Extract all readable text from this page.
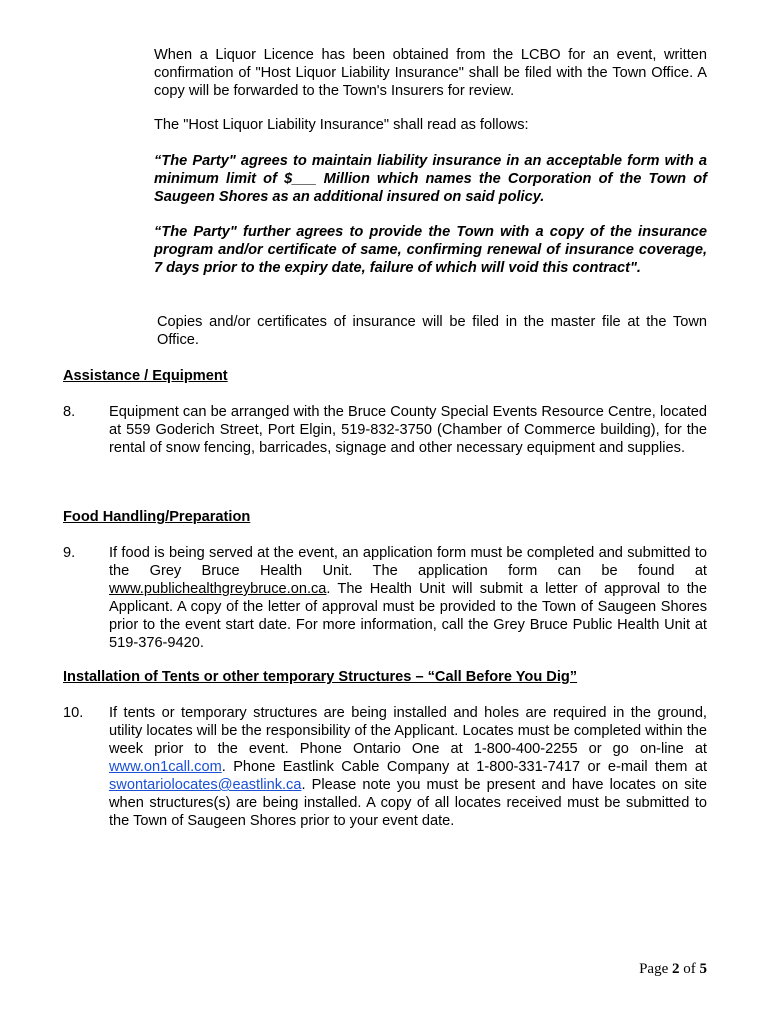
When a Liquor Licence has been obtained from the LCBO for an event, written confirmation of "Host Liquor Liability Insurance" shall be filed with the Town Office. A copy will be forwarded to the Town's Insurers for review.

The "Host Liquor Liability Insurance" shall read as follows:

“The Party" agrees to maintain liability insurance in an acceptable form with a minimum limit of $___ Million which names the Corporation of the Town of Saugeen Shores as an additional insured on said policy.

“The Party" further agrees to provide the Town with a copy of the insurance program and/or certificate of same, confirming renewal of insurance coverage, 7 days prior to the expiry date, failure of which will void this contract".

Copies and/or certificates of insurance will be filed in the master file at the Town Office.

Assistance / Equipment
8. Equipment can be arranged with the Bruce County Special Events Resource Centre, located at 559 Goderich Street, Port Elgin, 519-832-3750 (Chamber of Commerce building), for the rental of snow fencing, barricades, signage and other necessary equipment and supplies.

Food Handling/Preparation
9. If food is being served at the event, an application form must be completed and submitted to the Grey Bruce Health Unit. The application form can be found at www.publichealthgreybruce.on.ca. The Health Unit will submit a letter of approval to the Applicant. A copy of the letter of approval must be provided to the Town of Saugeen Shores prior to the event start date. For more information, call the Grey Bruce Public Health Unit at 519-376-9420.

Installation of Tents or other temporary Structures – “Call Before You Dig”
10. If tents or temporary structures are being installed and holes are required in the ground, utility locates will be the responsibility of the Applicant. Locates must be completed within the week prior to the event. Phone Ontario One at 1-800-400-2255 or go on-line at www.on1call.com. Phone Eastlink Cable Company at 1-800-331-7417 or e-mail them at swontariolocates@eastlink.ca. Please note you must be present and have locates on site when structures(s) are being installed. A copy of all locates received must be submitted to the Town of Saugeen Shores prior to your event date.

Page 2 of 5
